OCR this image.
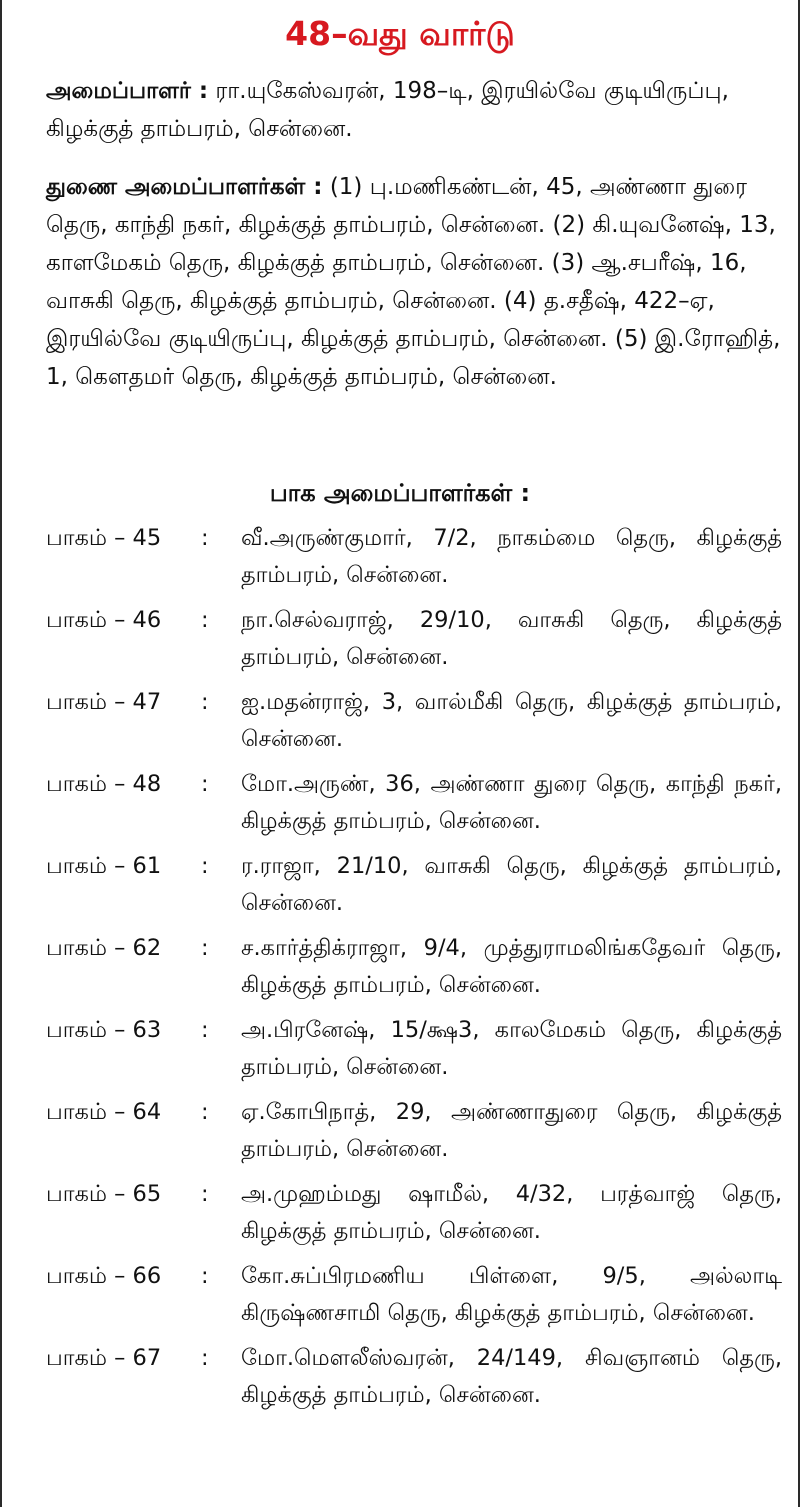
48–வது வார்டு
அமைப்பாளர் : ரா.யுகேஸ்வரன், 198–டி, இரயில்வே குடியிருப்பு, கிழக்குத் தாம்பரம், சென்னை.
துணை அமைப்பாளர்கள் : (1) பு.மணிகண்டன், 45, அண்ணா துரை தெரு, காந்தி நகர், கிழக்குத் தாம்பரம், சென்னை. (2) கி.யுவனேஷ், 13, காளமேகம் தெரு, கிழக்குத் தாம்பரம், சென்னை. (3) ஆ.சபரீஷ், 16, வாசுகி தெரு, கிழக்குத் தாம்பரம், சென்னை. (4) த.சதீஷ், 422–ஏ, இரயில்வே குடியிருப்பு, கிழக்குத் தாம்பரம், சென்னை. (5) இ.ரோஹித், 1, கௌதமர் தெரு, கிழக்குத் தாம்பரம், சென்னை.
பாக அமைப்பாளர்கள் :
பாகம் – 45	:	வீ.அருண்குமார், 7/2, நாகம்மை தெரு, கிழக்குத் தாம்பரம், சென்னை.
பாகம் – 46	:	நா.செல்வராஜ், 29/10, வாசுகி தெரு, கிழக்குத் தாம்பரம், சென்னை.
பாகம் – 47	:	ஐ.மதன்ராஜ், 3, வால்மீகி தெரு, கிழக்குத் தாம்பரம், சென்னை.
பாகம் – 48	:	மோ.அருண், 36, அண்ணா துரை தெரு, காந்தி நகர், கிழக்குத் தாம்பரம், சென்னை.
பாகம் – 61	:	ர.ராஜா, 21/10, வாசுகி தெரு, கிழக்குத் தாம்பரம், சென்னை.
பாகம் – 62	:	ச.கார்த்திக்ராஜா, 9/4, முத்துராமலிங்கதேவர் தெரு, கிழக்குத் தாம்பரம், சென்னை.
பாகம் – 63	:	அ.பிரனேஷ், 15/க்ஷ3, காலமேகம் தெரு, கிழக்குத் தாம்பரம், சென்னை.
பாகம் – 64	:	ஏ.கோபிநாத், 29, அண்ணாதுரை தெரு, கிழக்குத் தாம்பரம், சென்னை.
பாகம் – 65	:	அ.முஹம்மது ஷாமீல், 4/32, பரத்வாஜ் தெரு, கிழக்குத் தாம்பரம், சென்னை.
பாகம் – 66	:	கோ.சுப்பிரமணிய பிள்ளை, 9/5, அல்லாடி கிருஷ்ணசாமி தெரு, கிழக்குத் தாம்பரம், சென்னை.
பாகம் – 67	:	மோ.மௌலீஸ்வரன், 24/149, சிவஞானம் தெரு, கிழக்குத் தாம்பரம், சென்னை.
